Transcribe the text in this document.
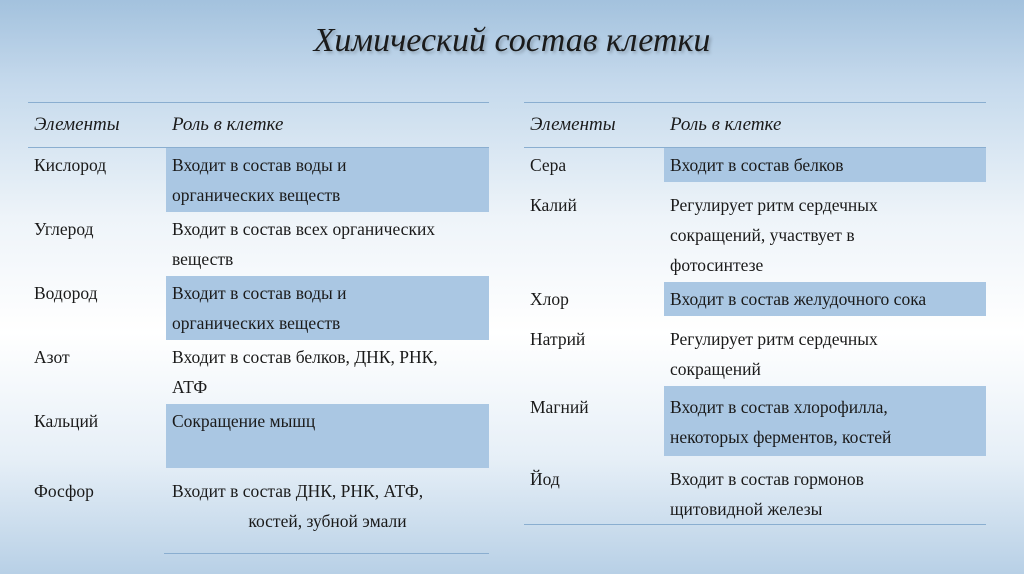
Химический состав клетки
Элементы	Роль в клетке
Кислород	Входит в состав воды и
органических веществ

Углерод	Входит в состав всех органических
веществ

Водород	Входит в состав воды и
органических веществ

Азот	Входит в состав белков, ДНК, РНК,
АТФ

Кальций	Сокращение мышц

Фосфор	Входит в состав ДНК, РНК, АТФ,
костей, зубной эмали
Элементы	Роль в клетке
Сера	Входит в состав белков

Калий	Регулирует ритм сердечных
сокращений, участвует в
фотосинтезе

Хлор	Входит в состав желудочного сока

Натрий	Регулирует ритм сердечных
сокращений

Магний	Входит в состав хлорофилла,
некоторых ферментов, костей

Йод	Входит в состав гормонов
щитовидной железы
